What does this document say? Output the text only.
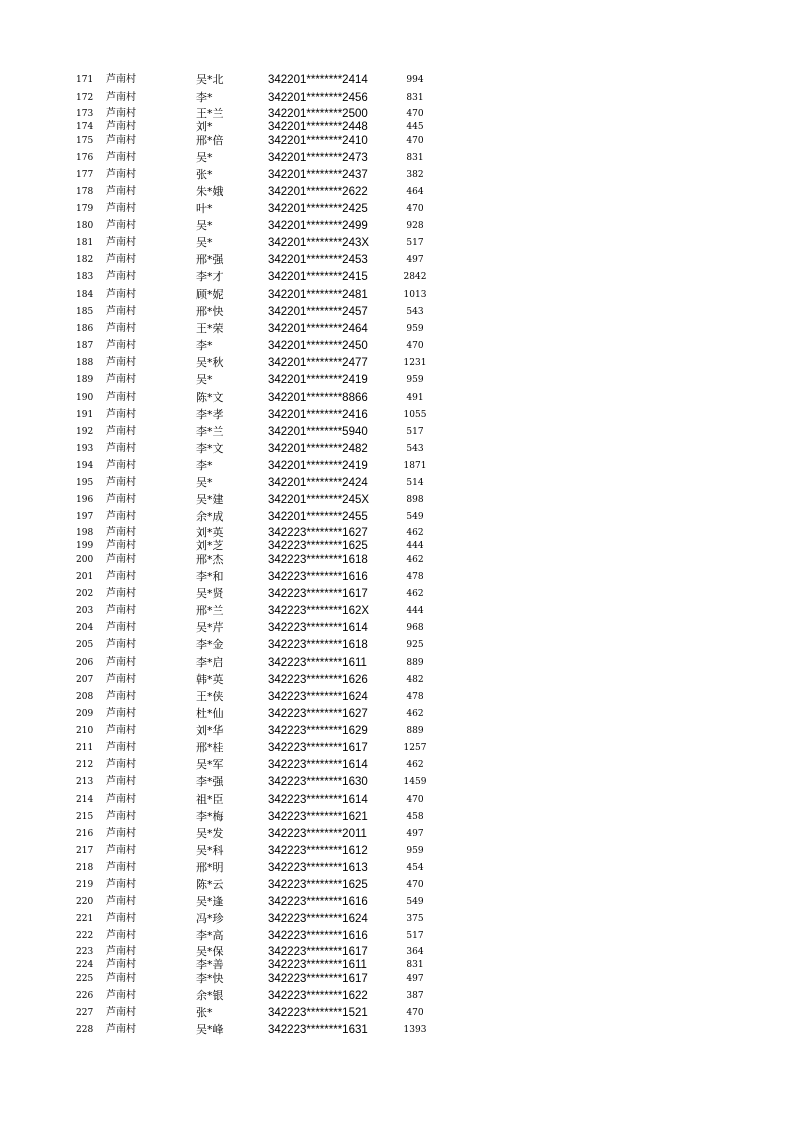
171 芦南村	吴*北	342201********2414	994
172 芦南村	李*	342201********2456	831
173 芦南村	王*兰	342201********2500	470
174 芦南村	刘*	342201********2448	445
175 芦南村	邢*倍	342201********2410	470
176 芦南村	吴*	342201********2473	831
177 芦南村	张*	342201********2437	382
178 芦南村	朱*娥	342201********2622	464
179 芦南村	叶*	342201********2425	470
180 芦南村	吴*	342201********2499	928
181 芦南村	吴*	342201********243X	517
182 芦南村	邢*强	342201********2453	497
183 芦南村	李*才	342201********2415	2842
184 芦南村	顾*妮	342201********2481	1013
185 芦南村	邢*快	342201********2457	543
186 芦南村	王*荣	342201********2464	959
187 芦南村	李*	342201********2450	470
188 芦南村	吴*秋	342201********2477	1231
189 芦南村	吴*	342201********2419	959
190 芦南村	陈*文	342201********8866	491
191 芦南村	李*孝	342201********2416	1055
192 芦南村	李*兰	342201********5940	517
193 芦南村	李*文	342201********2482	543
194 芦南村	李*	342201********2419	1871
195 芦南村	吴*	342201********2424	514
196 芦南村	吴*建	342201********245X	898
197 芦南村	余*成	342201********2455	549
198 芦南村	刘*英	342223********1627	462
199 芦南村	刘*芝	342223********1625	444
200 芦南村	邢*杰	342223********1618	462
201 芦南村	李*和	342223********1616	478
202 芦南村	吴*贤	342223********1617	462
203 芦南村	邢*兰	342223********162X	444
204 芦南村	吴*芹	342223********1614	968
205 芦南村	李*金	342223********1618	925
206 芦南村	李*启	342223********1611	889
207 芦南村	韩*英	342223********1626	482
208 芦南村	王*侠	342223********1624	478
209 芦南村	杜*仙	342223********1627	462
210 芦南村	刘*华	342223********1629	889
211 芦南村	邢*桂	342223********1617	1257
212 芦南村	吴*军	342223********1614	462
213 芦南村	李*强	342223********1630	1459
214 芦南村	祖*臣	342223********1614	470
215 芦南村	李*梅	342223********1621	458
216 芦南村	吴*发	342223********2011	497
217 芦南村	吴*科	342223********1612	959
218 芦南村	邢*明	342223********1613	454
219 芦南村	陈*云	342223********1625	470
220 芦南村	吴*逢	342223********1616	549
221 芦南村	冯*珍	342223********1624	375
222 芦南村	李*高	342223********1616	517
223 芦南村	吴*保	342223********1617	364
224 芦南村	李*善	342223********1611	831
225 芦南村	李*快	342223********1617	497
226 芦南村	余*银	342223********1622	387
227 芦南村	张*	342223********1521	470
228 芦南村	吴*峰	342223********1631	1393
